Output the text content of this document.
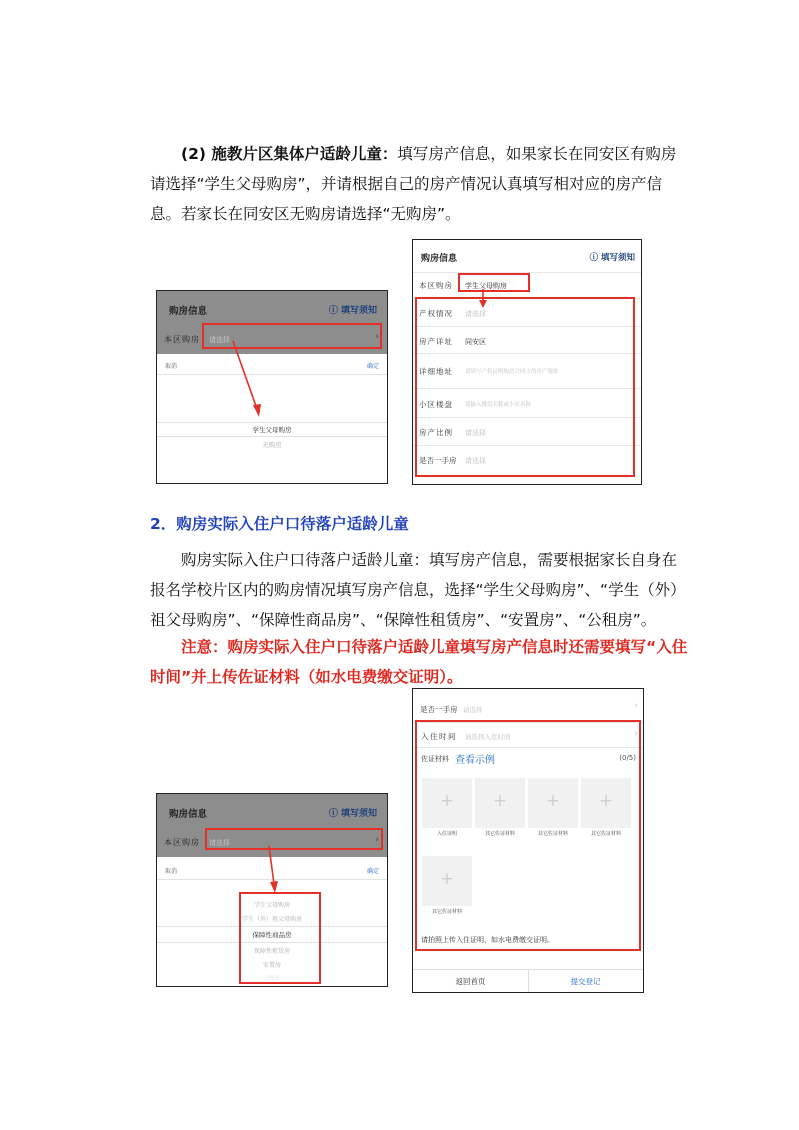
(2) 施教片区集体户适龄儿童：填写房产信息，如果家长在同安区有购房请选择“学生父母购房”，并请根据自己的房产情况认真填写相对应的房产信息。若家长在同安区无购房请选择“无购房”。

购房信息	ⓘ 填写须知
本区购房 请选择	›
取消	确定
学生父母购房
无购房
购房信息	ⓘ 填写须知
本区购房 学生父母购房
产权情况 请选择	›
房产详址 同安区	›
详细地址 请填写产权证明购房合同上的房产地址
小区楼盘 请输入楼盘名称或小区名称
房产比例 请选择	›
是否一手房 请选择	›

2．购房实际入住户口待落户适龄儿童

购房实际入住户口待落户适龄儿童：填写房产信息，需要根据家长自身在报名学校片区内的购房情况填写房产信息，选择“学生父母购房”、“学生（外）祖父母购房”、“保障性商品房”、“保障性租赁房”、“安置房”、“公租房”。

注意：购房实际入住户口待落户适龄儿童填写房产信息时还需要填写“入住时间”并上传佐证材料（如水电费缴交证明）。

购房信息	ⓘ 填写须知
本区购房 请选择	›
取消	确定
学生父母购房
学生（外）祖父母购房
保障性商品房
保障性租赁房
安置房
公租房
是否一手房 请选择	›
入住时间 请选择入住时间	›
佐证材料 查看示例	(0/5)
+	+	+	+
入住证明	其它佐证材料	其它佐证材料	其它佐证材料
+
其它佐证材料
请拍照上传入住证明，如水电费缴交证明。
返回首页	提交登记
